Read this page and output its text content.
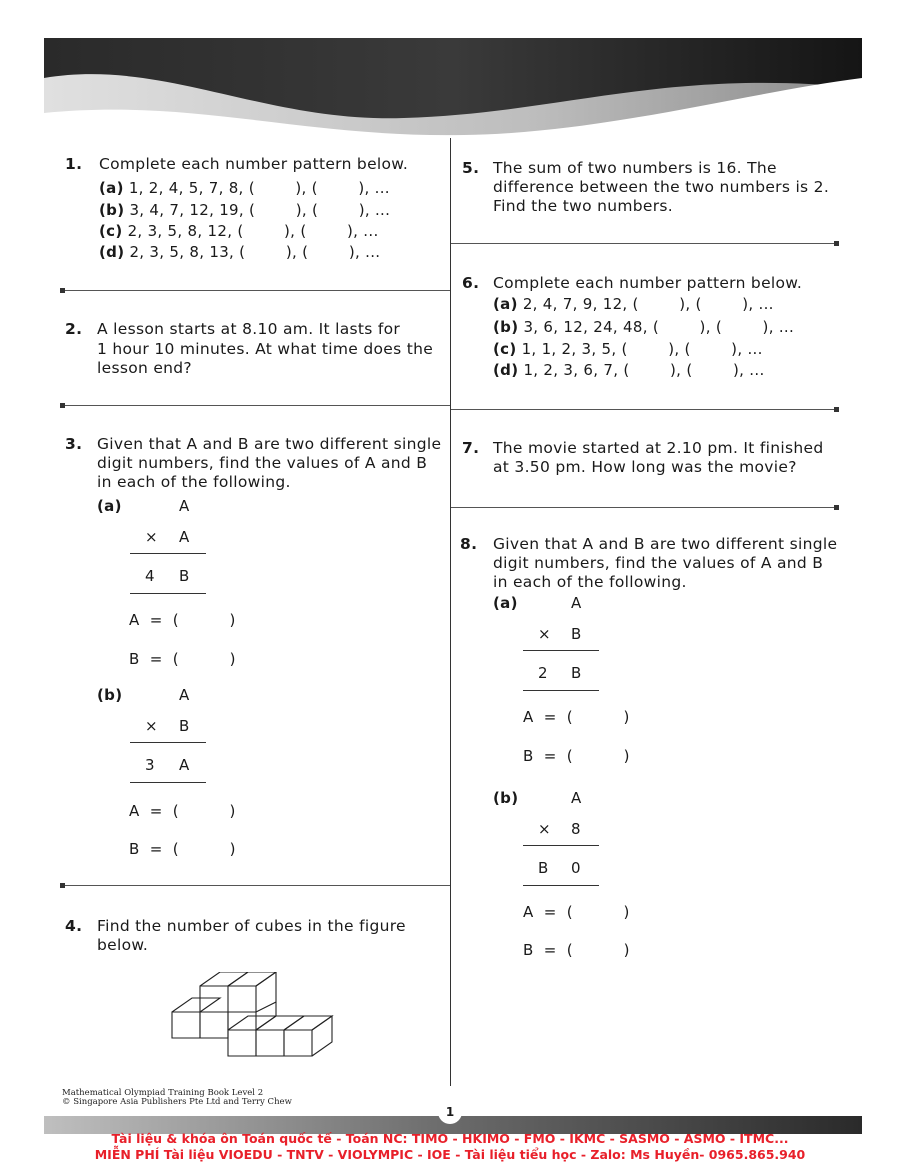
1. Complete each number pattern below.
(a) 1, 2, 4, 5, 7, 8, (        ), (        ), ...
(b) 3, 4, 7, 12, 19, (        ), (        ), ...
(c) 2, 3, 5, 8, 12, (        ), (        ), ...
(d) 2, 3, 5, 8, 13, (        ), (        ), ...
2. A lesson starts at 8.10 am. It lasts for
1 hour 10 minutes. At what time does the
lesson end?
3. Given that A and B are two different single
digit numbers, find the values of A and B
in each of the following.
(a)	A
× A
4 B
A  =  (          )
B  =  (          )
(b)	A
× B
3 A
A  =  (          )
B  =  (          )
4. Find the number of cubes in the figure
below.
5. The sum of two numbers is 16. The
difference between the two numbers is 2.
Find the two numbers.
6. Complete each number pattern below.
(a) 2, 4, 7, 9, 12, (        ), (        ), ...
(b) 3, 6, 12, 24, 48, (        ), (        ), ...
(c) 1, 1, 2, 3, 5, (        ), (        ), ...
(d) 1, 2, 3, 6, 7, (        ), (        ), ...
7. The movie started at 2.10 pm. It finished
at 3.50 pm. How long was the movie?
8. Given that A and B are two different single
digit numbers, find the values of A and B
in each of the following.
(a)	A
× B
2 B
A  =  (          )
B  =  (          )
(b)	A
× 8
B 0
A  =  (          )
B  =  (          )
Mathematical Olympiad Training Book Level 2
© Singapore Asia Publishers Pte Ltd and Terry Chew
1
Tài liệu & khóa ôn Toán quốc tế - Toán NC: TIMO - HKIMO - FMO - IKMC - SASMO - ASMO - ITMC...
MIỄN PHÍ Tài liệu VIOEDU - TNTV - VIOLYMPIC - IOE - Tài liệu tiểu học - Zalo: Ms Huyền- 0965.865.940
